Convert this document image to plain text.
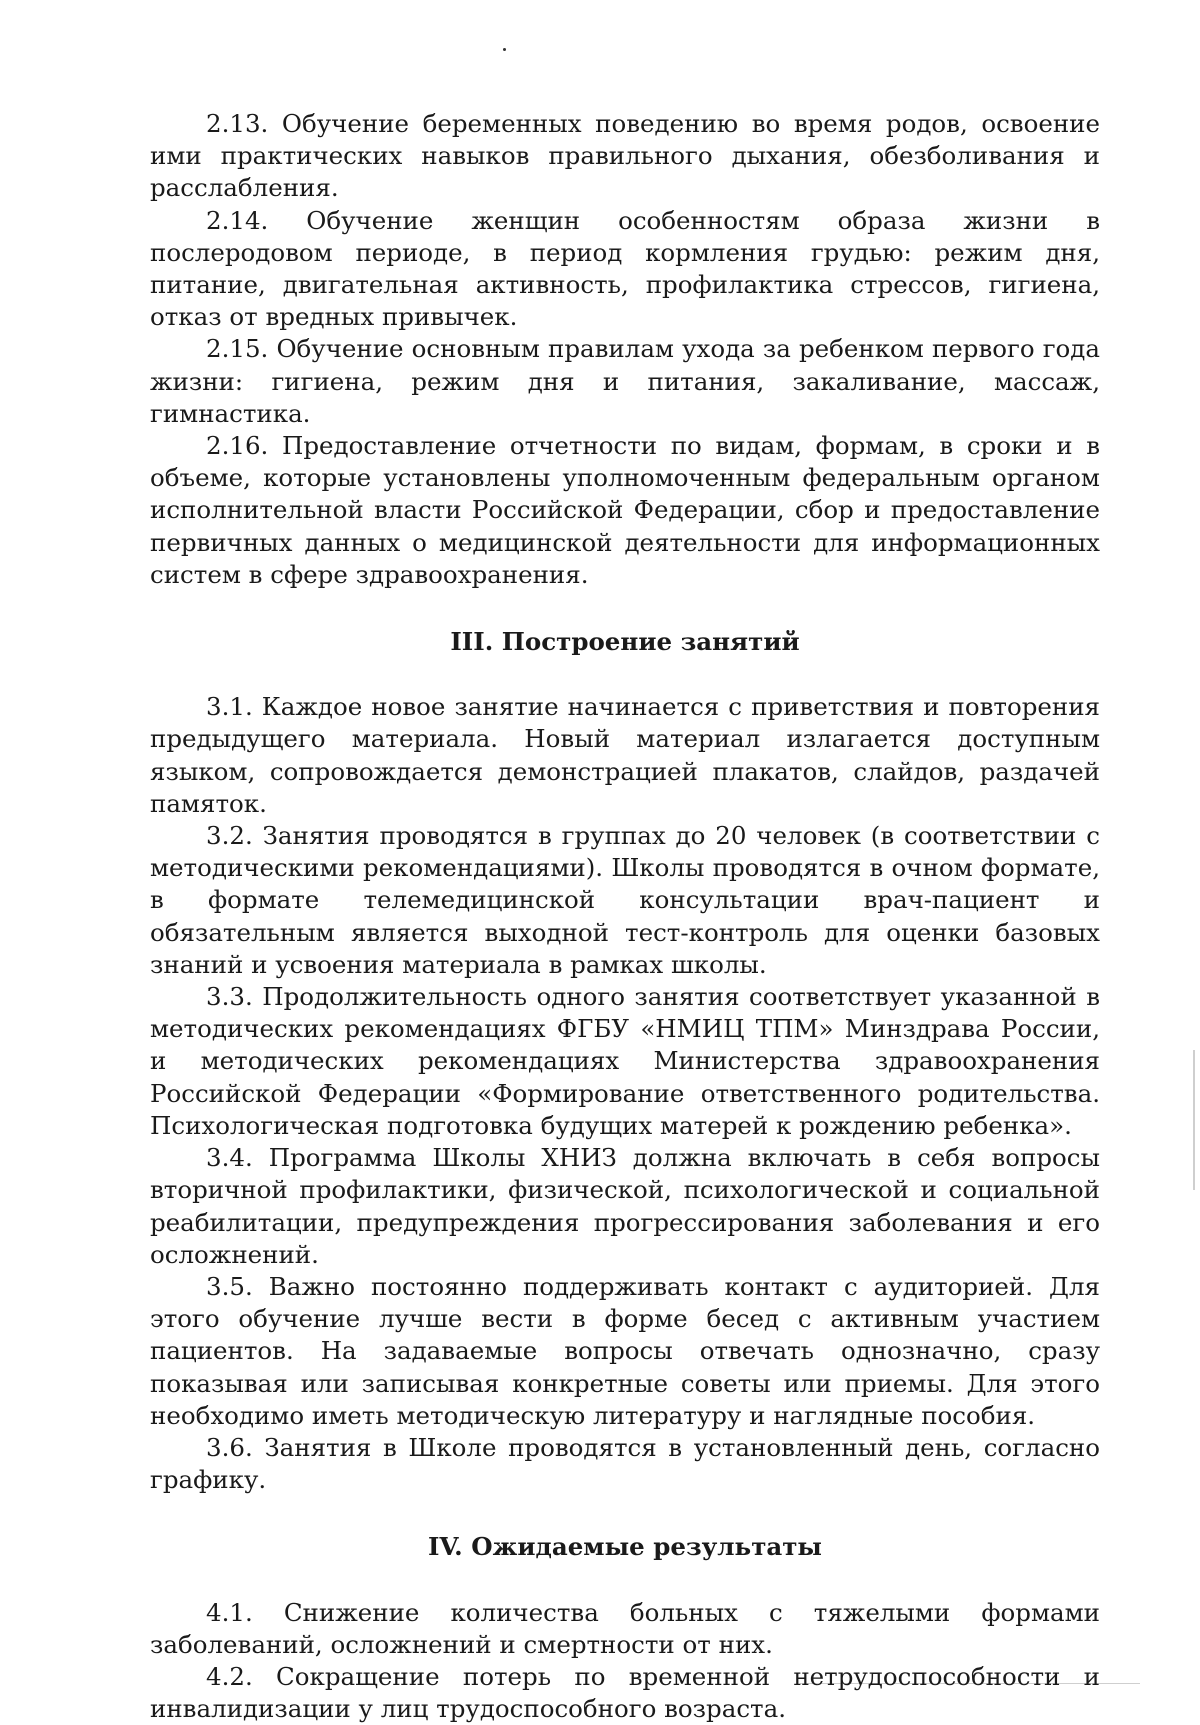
2.13. Обучение беременных поведению во время родов, освоение ими практических навыков правильного дыхания, обезболивания и расслабления.

2.14. Обучение женщин особенностям образа жизни в послеродовом периоде, в период кормления грудью: режим дня, питание, двигательная активность, профилактика стрессов, гигиена, отказ от вредных привычек.

2.15. Обучение основным правилам ухода за ребенком первого года жизни: гигиена, режим дня и питания, закаливание, массаж, гимнастика.

2.16. Предоставление отчетности по видам, формам, в сроки и в объеме, которые установлены уполномоченным федеральным органом исполнительной власти Российской Федерации, сбор и предоставление первичных данных о медицинской деятельности для информационных систем в сфере здравоохранения.

III. Построение занятий

3.1. Каждое новое занятие начинается с приветствия и повторения предыдущего материала. Новый материал излагается доступным языком, сопровождается демонстрацией плакатов, слайдов, раздачей памяток.

3.2. Занятия проводятся в группах до 20 человек (в соответствии с методическими рекомендациями). Школы проводятся в очном формате, в формате телемедицинской консультации врач-пациент и обязательным является выходной тест-контроль для оценки базовых знаний и усвоения материала в рамках школы.

3.3. Продолжительность одного занятия соответствует указанной в методических рекомендациях ФГБУ «НМИЦ ТПМ» Минздрава России, и методических рекомендациях Министерства здравоохранения Российской Федерации «Формирование ответственного родительства. Психологическая подготовка будущих матерей к рождению ребенка».

3.4. Программа Школы ХНИЗ должна включать в себя вопросы вторичной профилактики, физической, психологической и социальной реабилитации, предупреждения прогрессирования заболевания и его осложнений.

3.5. Важно постоянно поддерживать контакт с аудиторией. Для этого обучение лучше вести в форме бесед с активным участием пациентов. На задаваемые вопросы отвечать однозначно, сразу показывая или записывая конкретные советы или приемы. Для этого необходимо иметь методическую литературу и наглядные пособия.

3.6. Занятия в Школе проводятся в установленный день, согласно графику.

IV. Ожидаемые результаты

4.1. Снижение количества больных с тяжелыми формами заболеваний, осложнений и смертности от них.

4.2. Сокращение потерь по временной нетрудоспособности и инвалидизации у лиц трудоспособного возраста.
